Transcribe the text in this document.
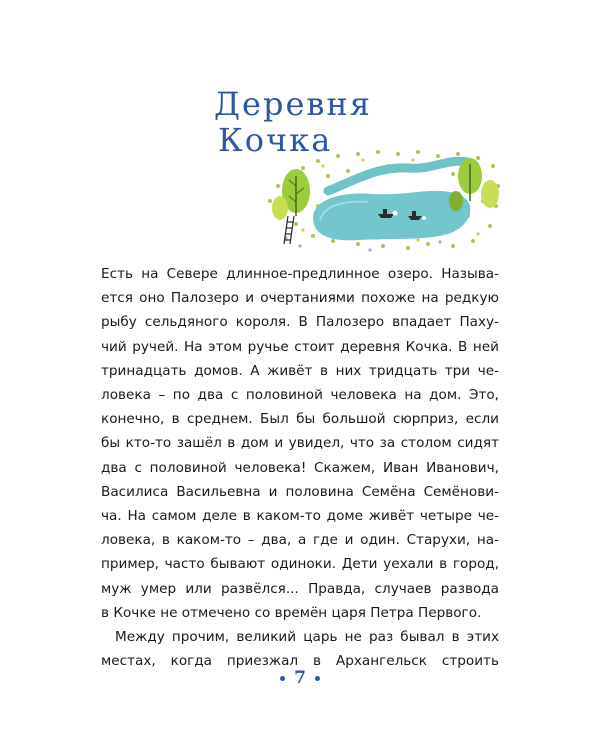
Деревня
Кочка
Есть на Севере длинное-предлинное озеро. Называ-
ется оно Палозеро и очертаниями похоже на редкую
рыбу сельдяного короля. В Палозеро впадает Паху-
чий ручей. На этом ручье стоит деревня Кочка. В ней
тринадцать домов. А живёт в них тридцать три че-
ловека – по два с половиной человека на дом. Это,
конечно, в среднем. Был бы большой сюрприз, если
бы кто-то зашёл в дом и увидел, что за столом сидят
два с половиной человека! Скажем, Иван Иванович,
Василиса Васильевна и половина Семёна Семёнови-
ча. На самом деле в каком-то доме живёт четыре че-
ловека, в каком-то – два, а где и один. Старухи, на-
пример, часто бывают одиноки. Дети уехали в город,
муж умер или развёлся... Правда, случаев развода
в Кочке не отмечено со времён царя Петра Первого.
Между прочим, великий царь не раз бывал в этих
местах, когда приезжал в Архангельск строить
7
